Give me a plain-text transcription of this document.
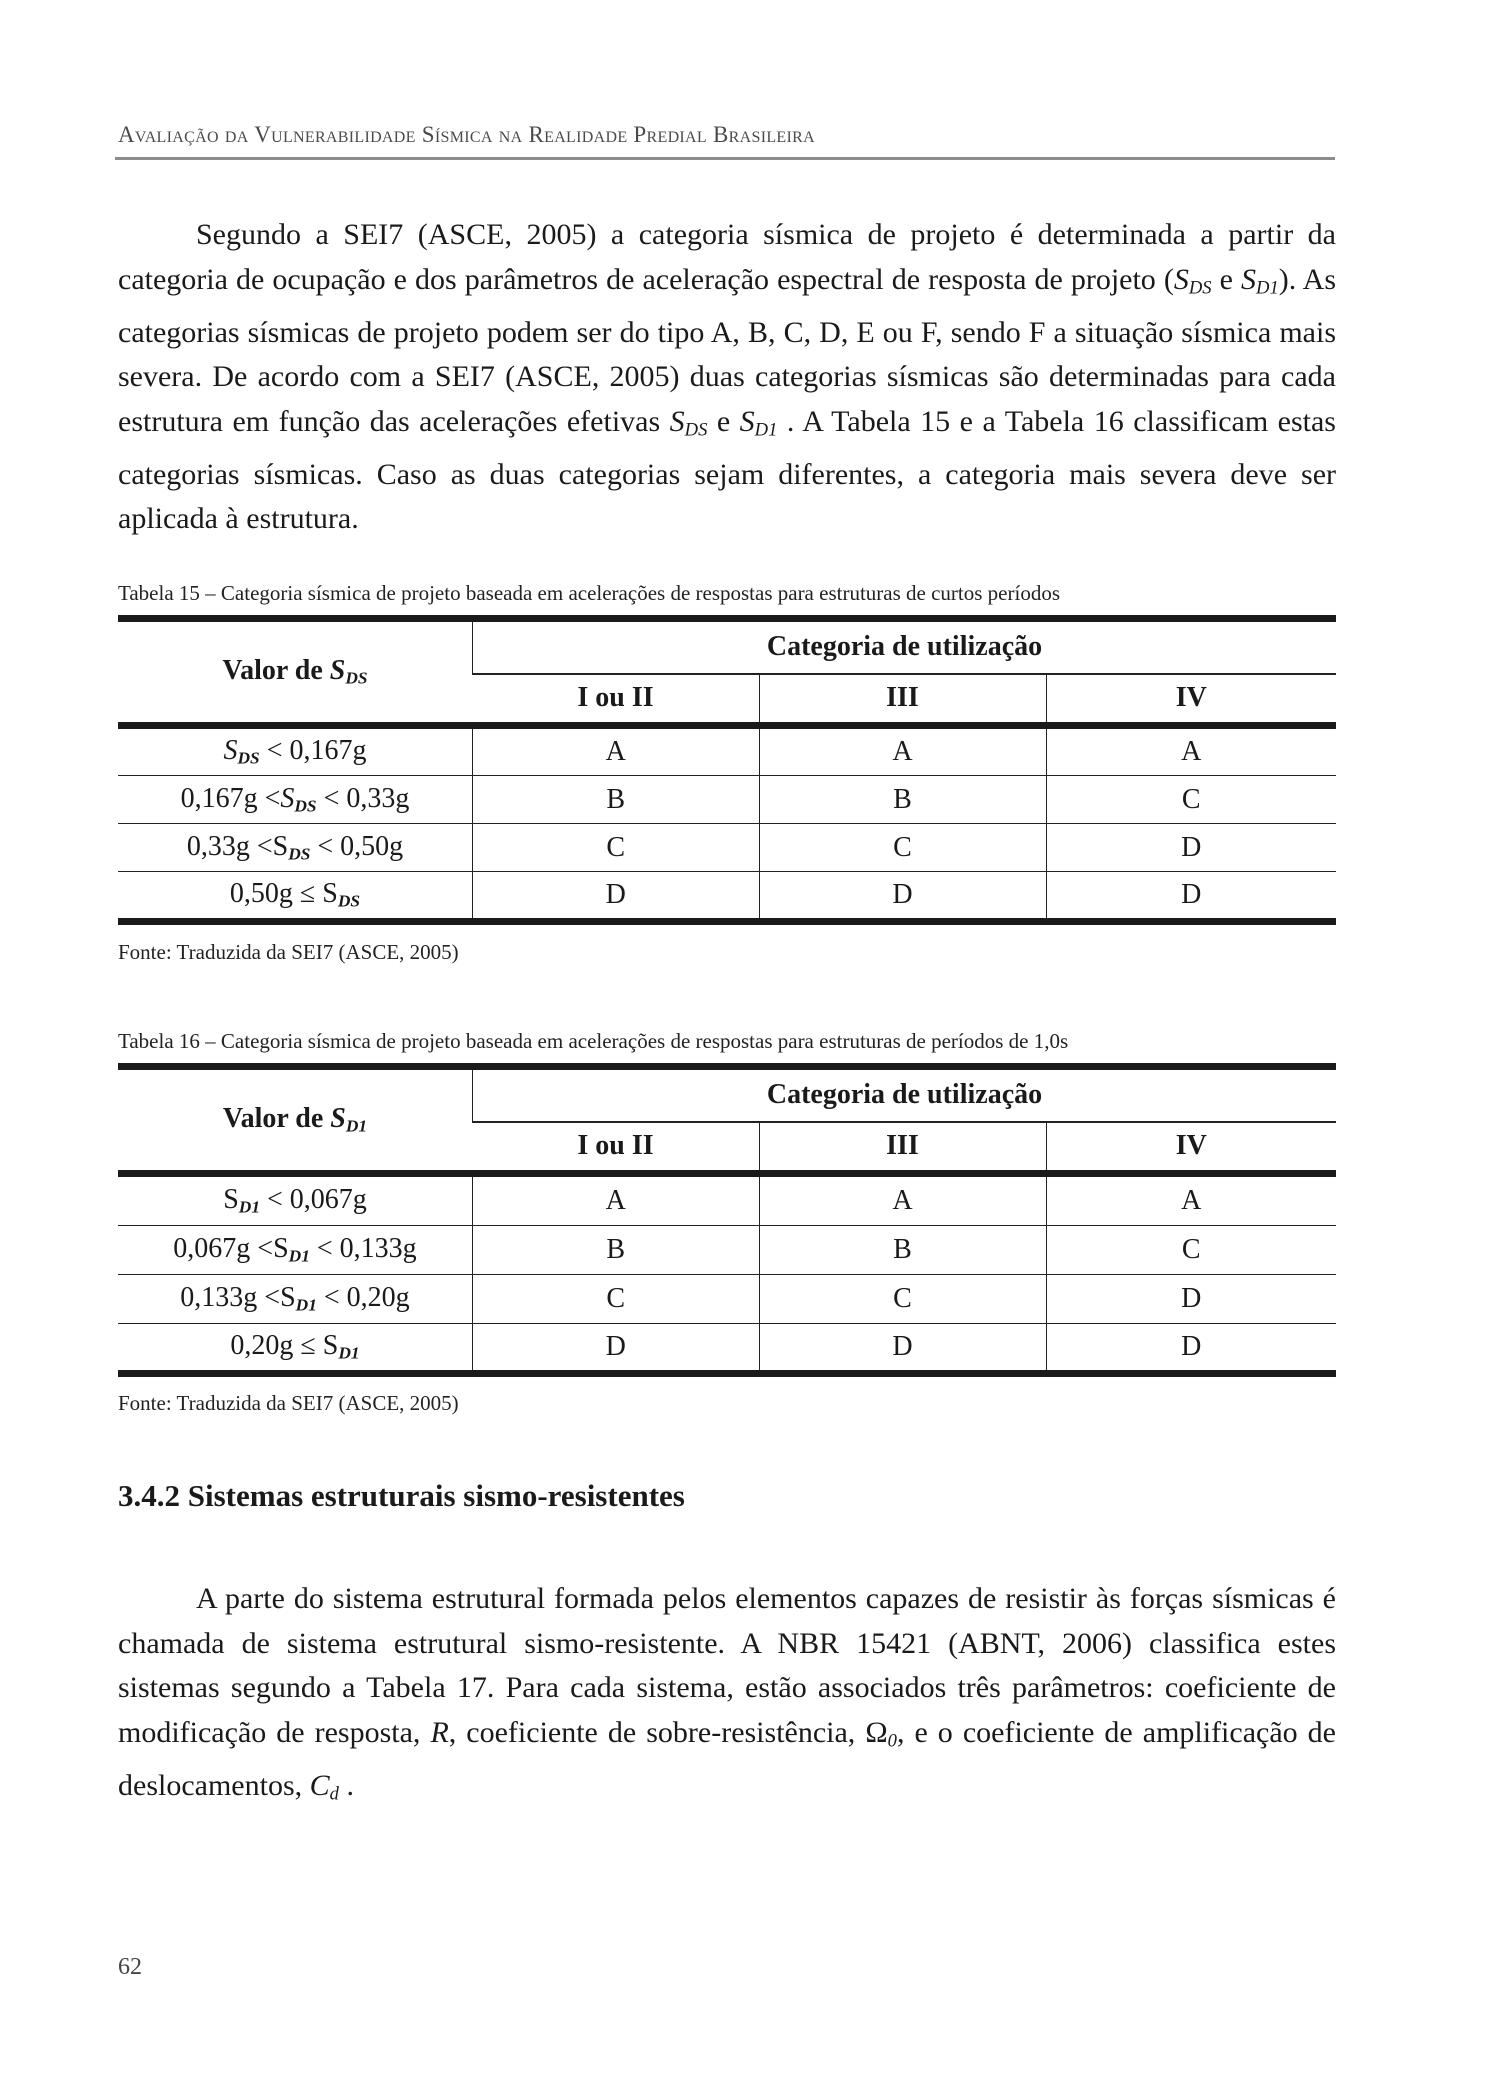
Avaliação da Vulnerabilidade Sísmica na Realidade Predial Brasileira

Segundo a SEI7 (ASCE, 2005) a categoria sísmica de projeto é determinada a partir da categoria de ocupação e dos parâmetros de aceleração espectral de resposta de projeto ($S_{DS}$ e $S_{D1}$). As categorias sísmicas de projeto podem ser do tipo A, B, C, D, E ou F, sendo F a situação sísmica mais severa. De acordo com a SEI7 (ASCE, 2005) duas categorias sísmicas são determinadas para cada estrutura em função das acelerações efetivas $S_{DS}$ e $S_{D1}$ . A Tabela 15 e a Tabela 16 classificam estas categorias sísmicas. Caso as duas categorias sejam diferentes, a categoria mais severa deve ser aplicada à estrutura.

Tabela 15 – Categoria sísmica de projeto baseada em acelerações de respostas para estruturas de curtos períodos
Valor de SDS	Categoria de utilização		
	I ou II	III	IV
SDS < 0,167g	A	A	A
0,167g <SDS < 0,33g	B	B	C
0,33g <SDS < 0,50g	C	C	D
0,50g ≤ SDS	D	D	D
Fonte: Traduzida da SEI7 (ASCE, 2005)
Tabela 16 – Categoria sísmica de projeto baseada em acelerações de respostas para estruturas de períodos de 1,0s
Valor de SD1	Categoria de utilização		
	I ou II	III	IV
SD1 < 0,067g	A	A	A
0,067g <SD1 < 0,133g	B	B	C
0,133g <SD1 < 0,20g	C	C	D
0,20g ≤ SD1	D	D	D
Fonte: Traduzida da SEI7 (ASCE, 2005)
3.4.2 Sistemas estruturais sismo-resistentes

A parte do sistema estrutural formada pelos elementos capazes de resistir às forças sísmicas é chamada de sistema estrutural sismo-resistente. A NBR 15421 (ABNT, 2006) classifica estes sistemas segundo a Tabela 17. Para cada sistema, estão associados três parâmetros: coeficiente de modificação de resposta, R, coeficiente de sobre-resistência, $\Omega_0$, e o coeficiente de amplificação de deslocamentos, $C_d$ .

62
